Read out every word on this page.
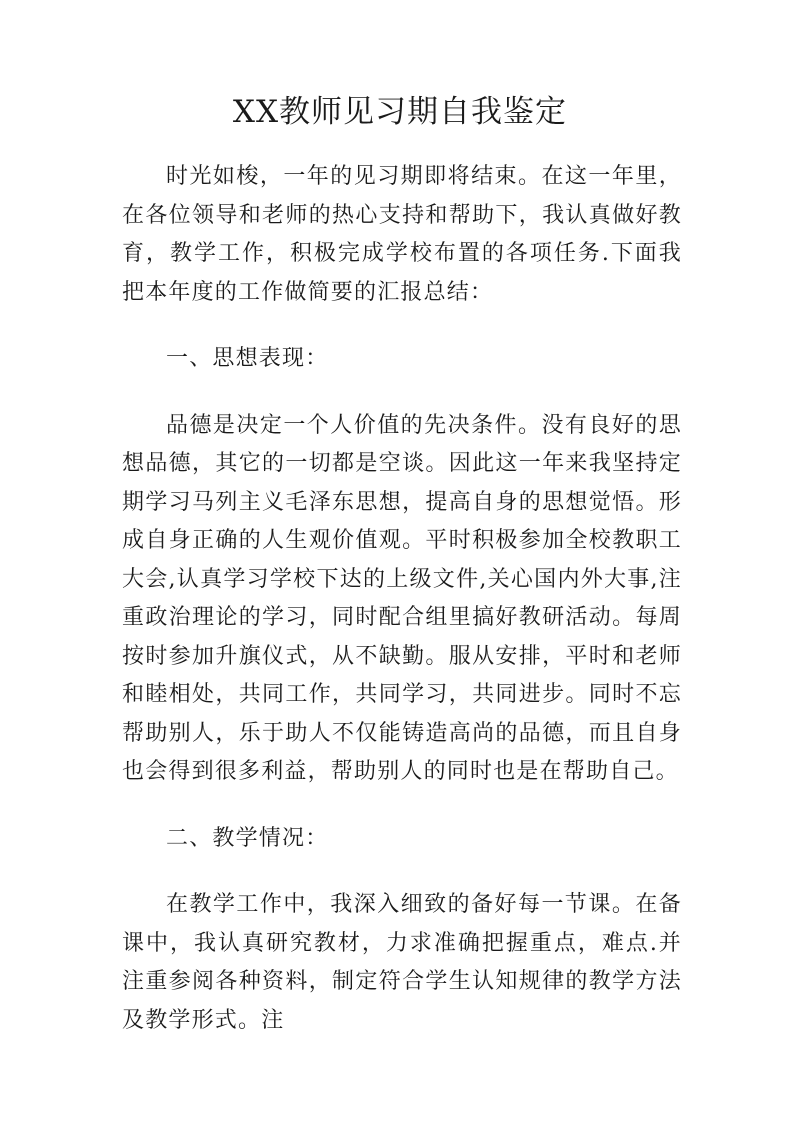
XX教师见习期自我鉴定

时光如梭，一年的见习期即将结束。在这一年里，在各位领导和老师的热心支持和帮助下，我认真做好教育，教学工作，积极完成学校布置的各项任务.下面我把本年度的工作做简要的汇报总结：

一、思想表现：

品德是决定一个人价值的先决条件。没有良好的思想品德，其它的一切都是空谈。因此这一年来我坚持定期学习马列主义毛泽东思想，提高自身的思想觉悟。形成自身正确的人生观价值观。平时积极参加全校教职工大会,认真学习学校下达的上级文件,关心国内外大事,注重政治理论的学习，同时配合组里搞好教研活动。每周按时参加升旗仪式，从不缺勤。服从安排，平时和老师和睦相处，共同工作，共同学习，共同进步。同时不忘帮助别人，乐于助人不仅能铸造高尚的品德，而且自身也会得到很多利益，帮助别人的同时也是在帮助自己。

二、教学情况：

在教学工作中，我深入细致的备好每一节课。在备课中，我认真研究教材，力求准确把握重点，难点.并注重参阅各种资料，制定符合学生认知规律的教学方法及教学形式。注
